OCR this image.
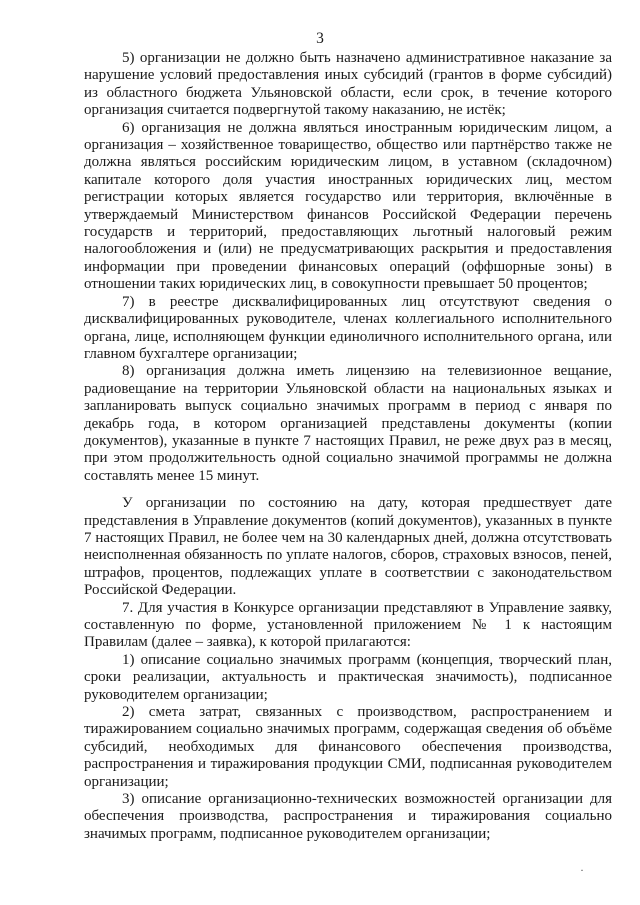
3

5) организации не должно быть назначено административное наказание за нарушение условий предоставления иных субсидий (грантов в форме субсидий) из областного бюджета Ульяновской области, если срок, в течение которого организация считается подвергнутой такому наказанию, не истёк;

6) организация не должна являться иностранным юридическим лицом, а организация – хозяйственное товарищество, общество или партнёрство также не должна являться российским юридическим лицом, в уставном (складочном) капитале которого доля участия иностранных юридических лиц, местом регистрации которых является государство или территория, включённые в утверждаемый Министерством финансов Российской Федерации перечень государств и территорий, предоставляющих льготный налоговый режим налогообложения и (или) не предусматривающих раскрытия и предоставления информации при проведении финансовых операций (оффшорные зоны) в отношении таких юридических лиц, в совокупности превышает 50 процентов;

7) в реестре дисквалифицированных лиц отсутствуют сведения о дисквалифицированных руководителе, членах коллегиального исполнительного органа, лице, исполняющем функции единоличного исполнительного органа, или главном бухгалтере организации;

8) организация должна иметь лицензию на телевизионное вещание, радиовещание на территории Ульяновской области на национальных языках и запланировать выпуск социально значимых программ в период с января по декабрь года, в котором организацией представлены документы (копии документов), указанные в пункте 7 настоящих Правил, не реже двух раз в месяц, при этом продолжительность одной социально значимой программы не должна составлять менее 15 минут.

У организации по состоянию на дату, которая предшествует дате представления в Управление документов (копий документов), указанных в пункте 7 настоящих Правил, не более чем на 30 календарных дней, должна отсутствовать неисполненная обязанность по уплате налогов, сборов, страховых взносов, пеней, штрафов, процентов, подлежащих уплате в соответствии с законодательством Российской Федерации.

7. Для участия в Конкурсе организации представляют в Управление заявку, составленную по форме, установленной приложением № 1 к настоящим Правилам (далее – заявка), к которой прилагаются:

1) описание социально значимых программ (концепция, творческий план, сроки реализации, актуальность и практическая значимость), подписанное руководителем организации;

2) смета затрат, связанных с производством, распространением и тиражированием социально значимых программ, содержащая сведения об объёме субсидий, необходимых для финансового обеспечения производства, распространения и тиражирования продукции СМИ, подписанная руководителем организации;

3) описание организационно-технических возможностей организации для обеспечения производства, распространения и тиражирования социально значимых программ, подписанное руководителем организации;

·
